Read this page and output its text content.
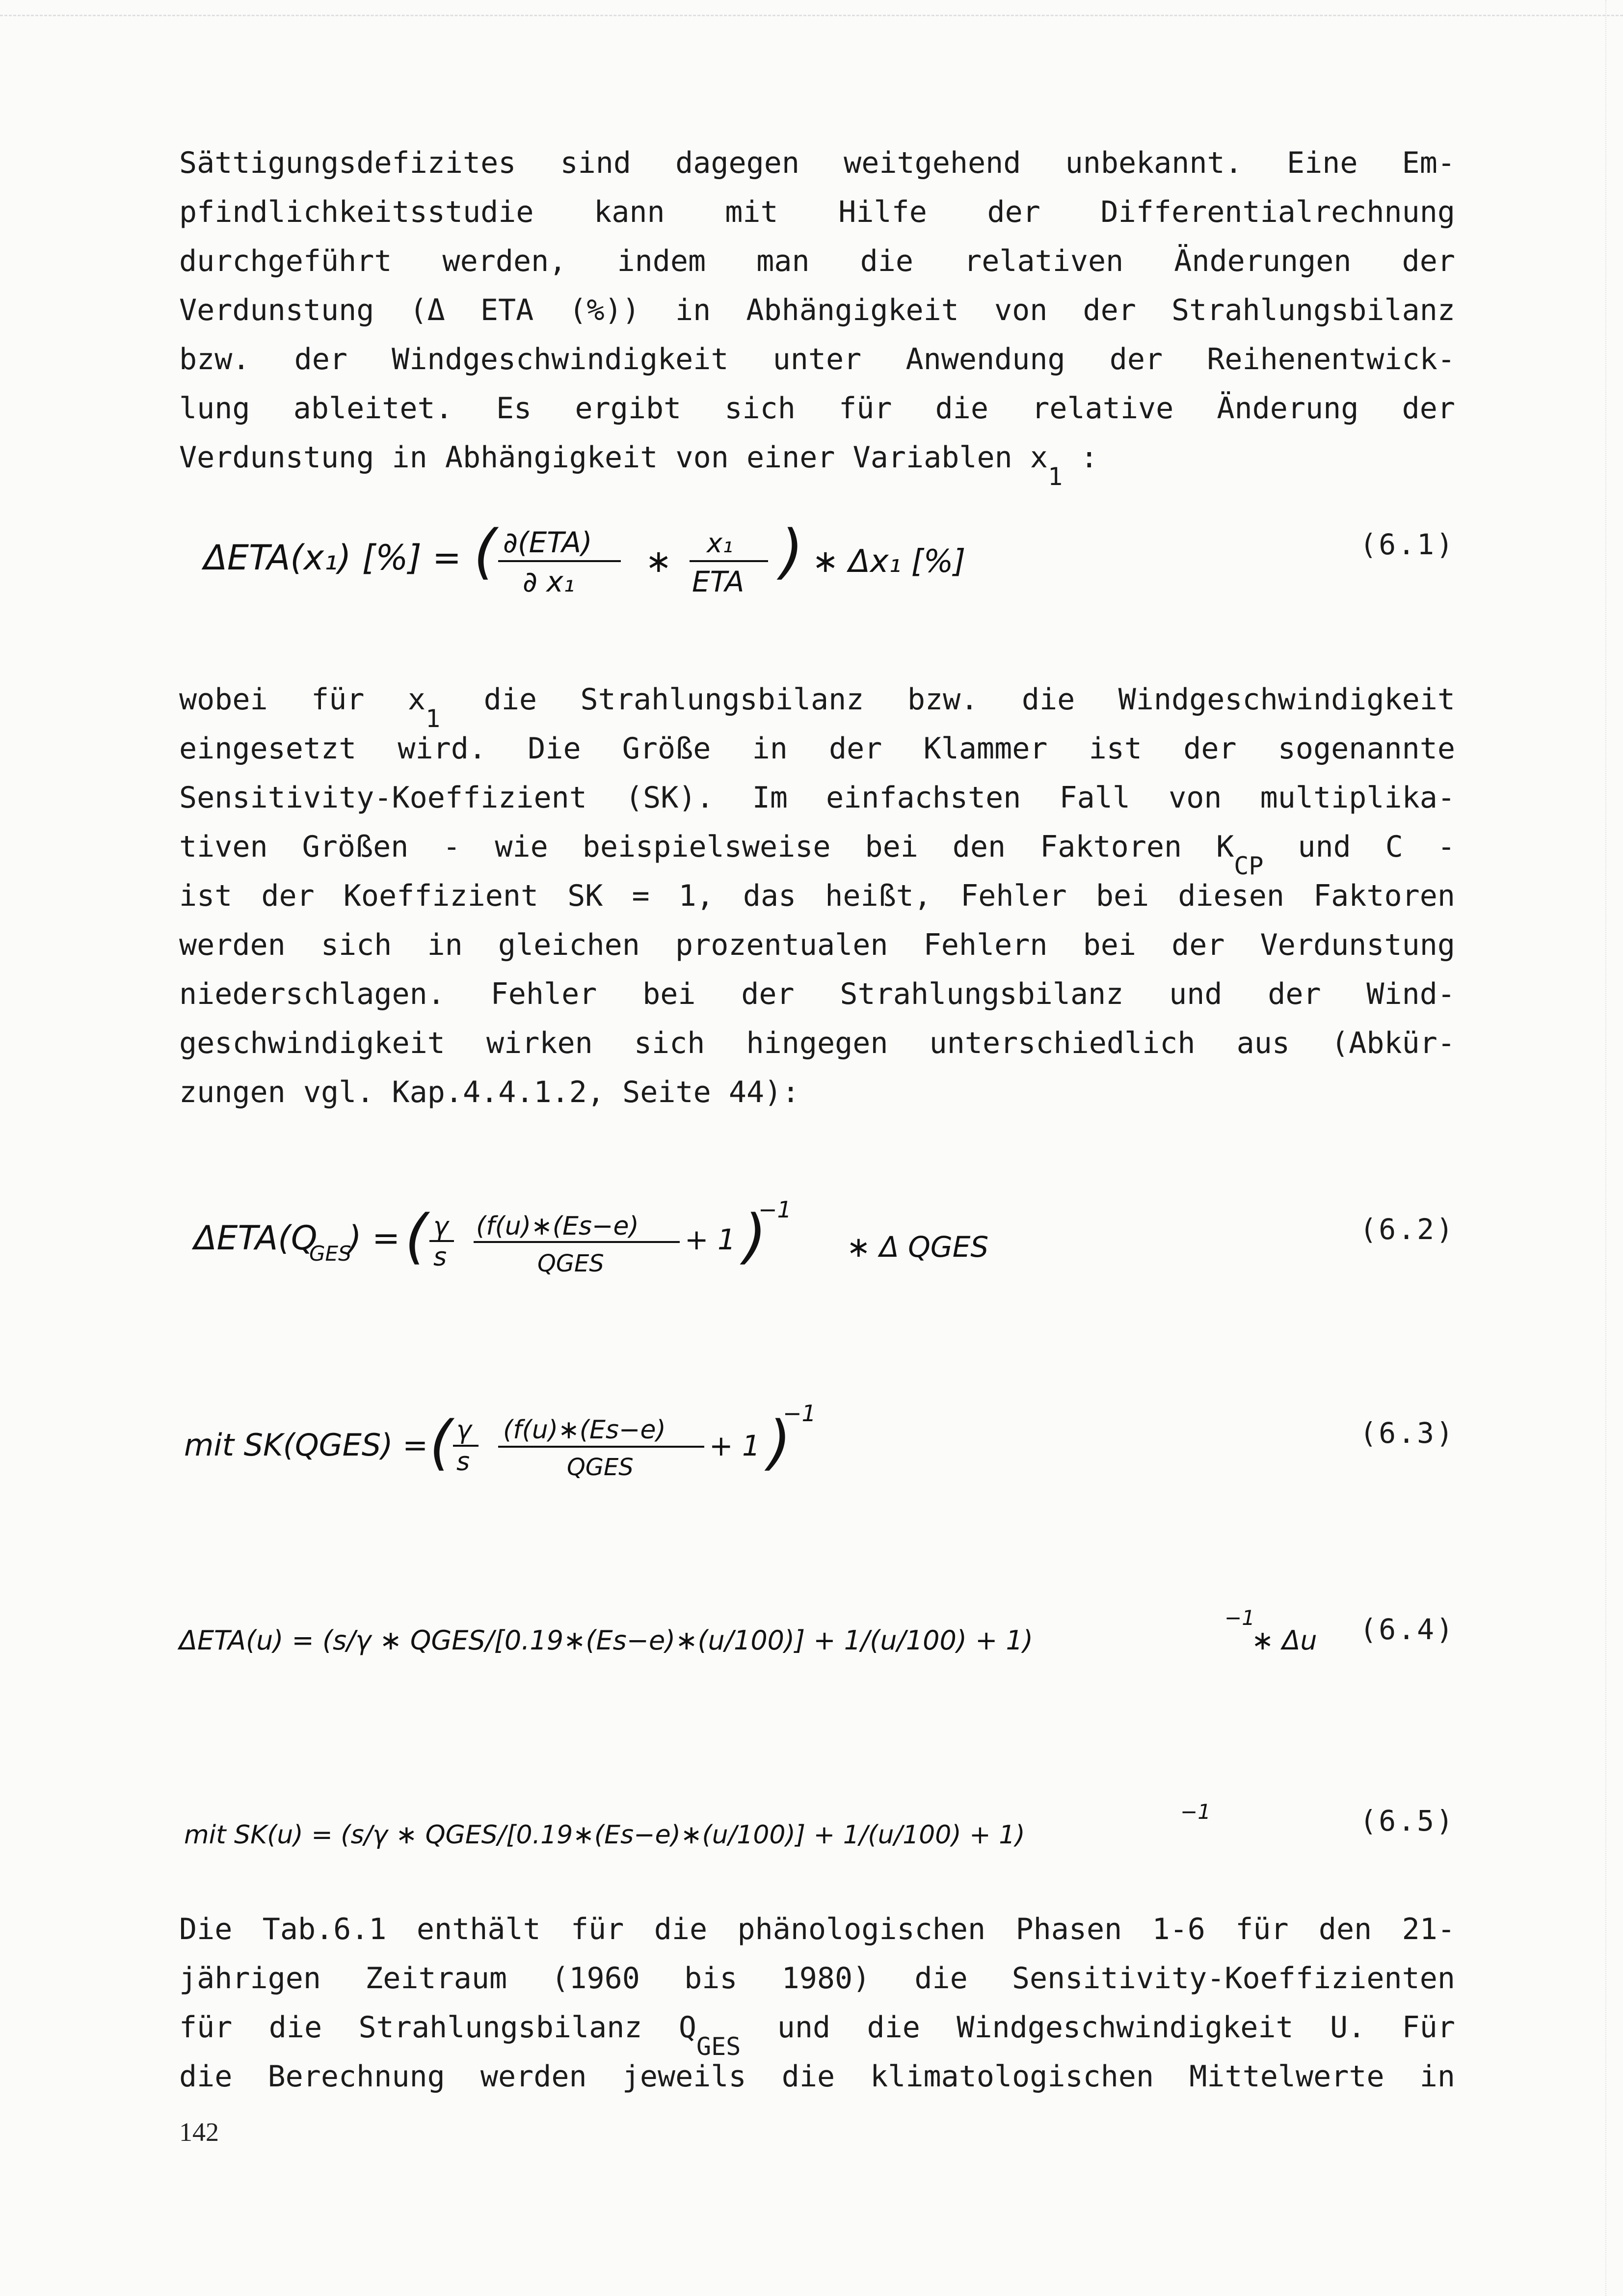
Sättigungsdefizites sind dagegen weitgehend unbekannt. Eine Em-
pfindlichkeitsstudie kann mit Hilfe der Differentialrechnung
durchgeführt werden, indem man die relativen Änderungen der
Verdunstung (Δ ETA (%)) in Abhängigkeit von der Strahlungsbilanz
bzw. der Windgeschwindigkeit unter Anwendung der Reihenentwick-
lung ableitet. Es ergibt sich für die relative Änderung der
Verdunstung in Abhängigkeit von einer Variablen $x_1$ :
ΔETA(x₁) [%] = ∂(ETA)
∂ x₁
∗
x₁
ETA )
(	∗ Δx₁ [%]	(6.1)
wobei für $x_1$ die Strahlungsbilanz bzw. die Windgeschwindigkeit
eingesetzt wird. Die Größe in der Klammer ist der sogenannte
Sensitivity-Koeffizient (SK). Im einfachsten Fall von multiplika-
tiven Größen - wie beispielsweise bei den Faktoren $K_{CP}$ und C -
ist der Koeffizient SK = 1, das heißt, Fehler bei diesen Faktoren
werden sich in gleichen prozentualen Fehlern bei der Verdunstung
niederschlagen. Fehler bei der Strahlungsbilanz und der Wind-
geschwindigkeit wirken sich hingegen unterschiedlich aus (Abkür-
zungen vgl. Kap.4.4.1.2, Seite 44):
ΔETA(Q
GES
) = ( γ
s
(f(u)∗(Es−e)
QGES
+ 1 )
−1
∗ Δ QGES
(6.2)
mit SK(QGES) = ( γ
s
(f(u)∗(Es−e)
QGES
+ 1 )
−1
(6.3)
ΔETA(u) = (s/γ ∗ QGES/[0.19∗(Es−e)∗(u/100)] + 1/(u/100) + 1)
−1
∗ Δu (6.4)
mit SK(u) = (s/γ ∗ QGES/[0.19∗(Es−e)∗(u/100)] + 1/(u/100) + 1)
−1	(6.5)
Die Tab.6.1 enthält für die phänologischen Phasen 1-6 für den 21-
jährigen Zeitraum (1960 bis 1980) die Sensitivity-Koeffizienten
für die Strahlungsbilanz $Q_{GES}$ und die Windgeschwindigkeit U. Für
die Berechnung werden jeweils die klimatologischen Mittelwerte in
142
